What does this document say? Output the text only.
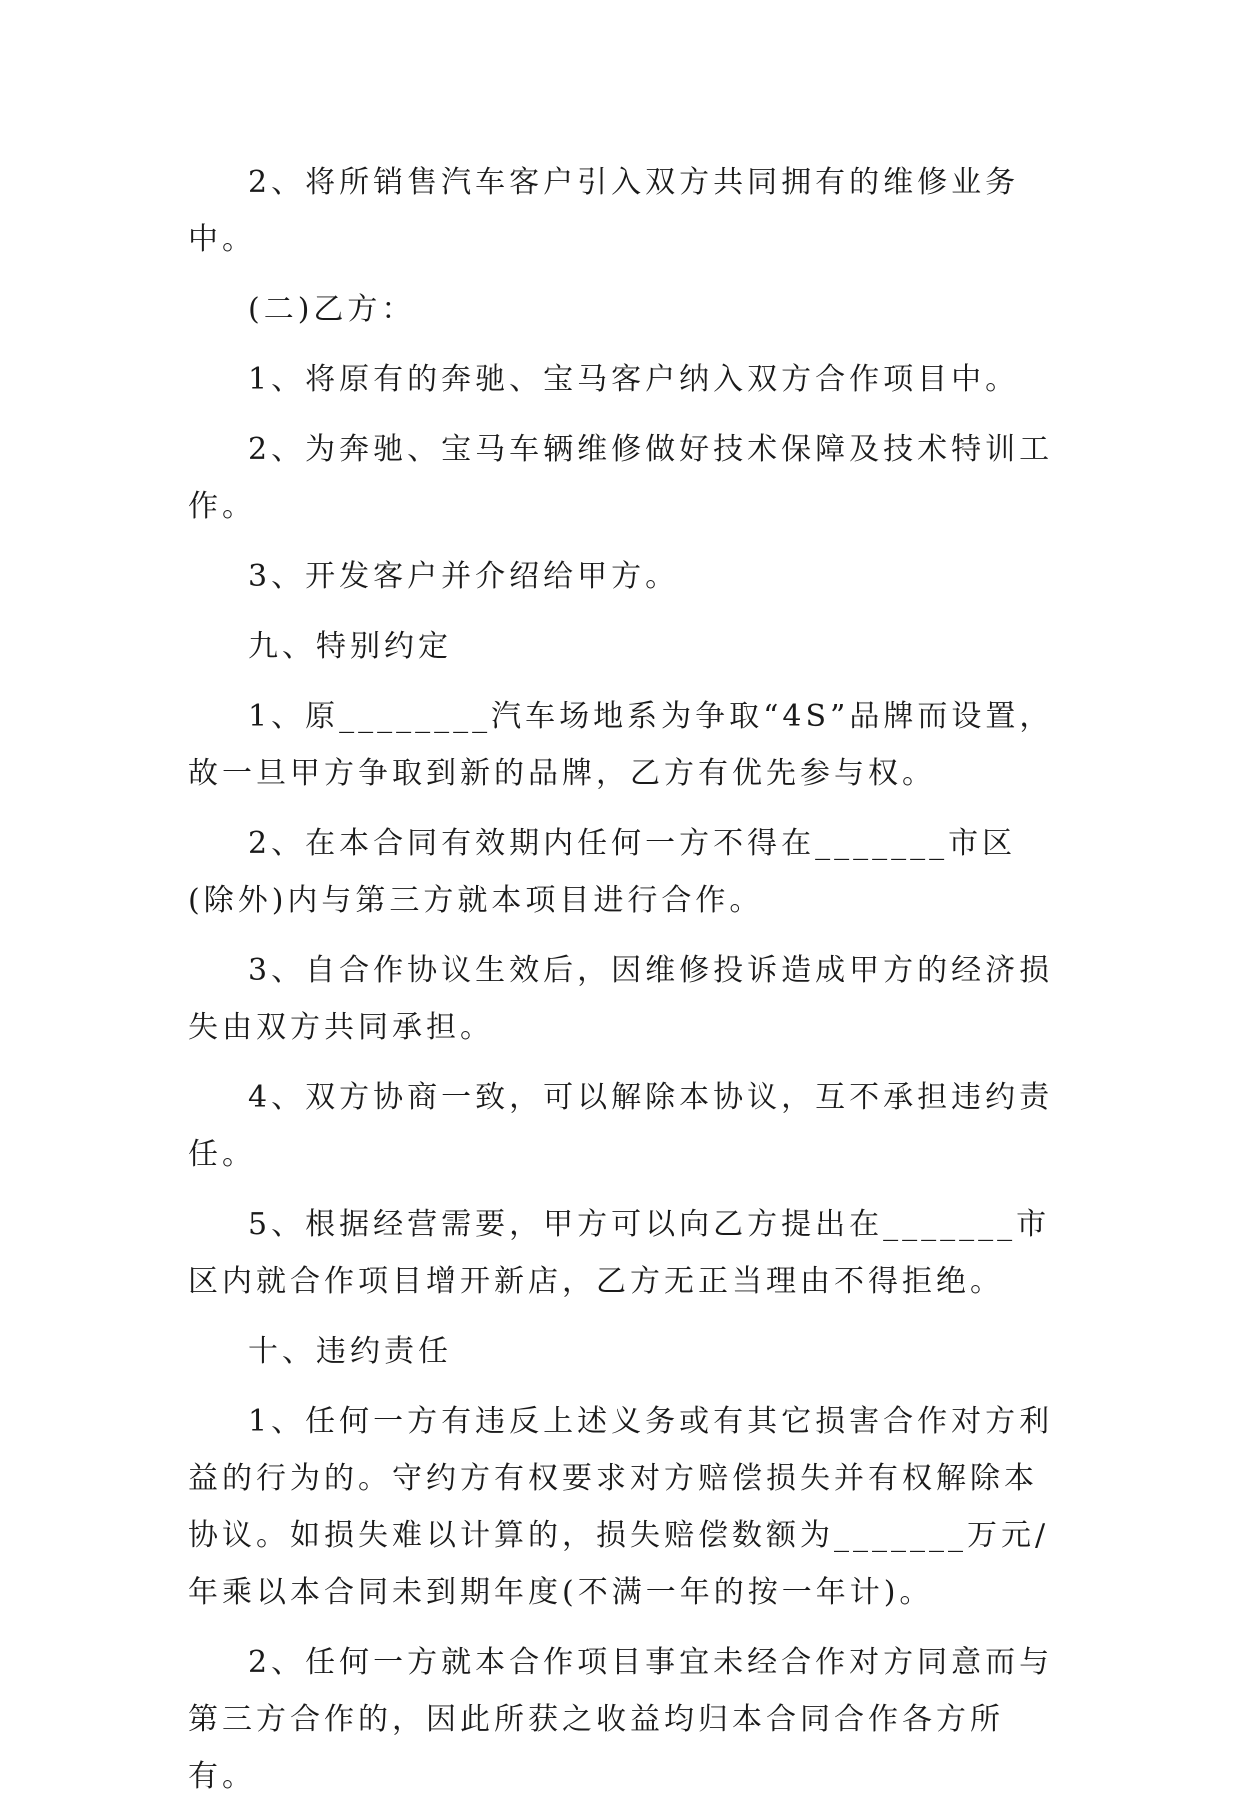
2、将所销售汽车客户引入双方共同拥有的维修业务中。

(二)乙方：

1、将原有的奔驰、宝马客户纳入双方合作项目中。

2、为奔驰、宝马车辆维修做好技术保障及技术特训工作。

3、开发客户并介绍给甲方。

九、特别约定

1、原________汽车场地系为争取“4S”品牌而设置，故一旦甲方争取到新的品牌，乙方有优先参与权。

2、在本合同有效期内任何一方不得在_______市区(除外)内与第三方就本项目进行合作。

3、自合作协议生效后，因维修投诉造成甲方的经济损失由双方共同承担。

4、双方协商一致，可以解除本协议，互不承担违约责任。

5、根据经营需要，甲方可以向乙方提出在_______市区内就合作项目增开新店，乙方无正当理由不得拒绝。

十、违约责任

1、任何一方有违反上述义务或有其它损害合作对方利益的行为的。守约方有权要求对方赔偿损失并有权解除本协议。如损失难以计算的，损失赔偿数额为_______万元/年乘以本合同未到期年度(不满一年的按一年计)。

2、任何一方就本合作项目事宜未经合作对方同意而与第三方合作的，因此所获之收益均归本合同合作各方所有。
